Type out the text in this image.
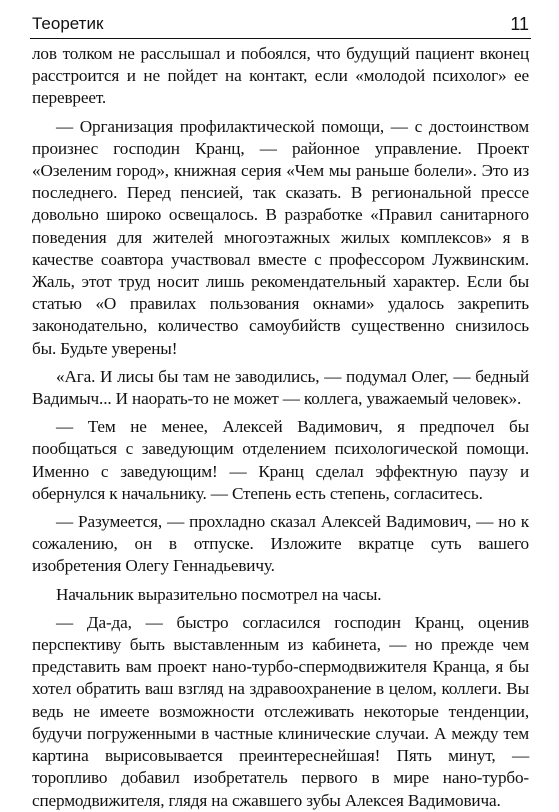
Теоретик	11

лов толком не расслышал и побоялся, что будущий пациент вконец расстроится и не пойдет на контакт, если «молодой психолог» ее перевреет.

— Организация профилактической помощи, — с достоинством произнес господин Кранц, — районное управление. Проект «Озеленим город», книжная серия «Чем мы раньше болели». Это из последнего. Перед пенсией, так сказать. В региональной прессе довольно широко освещалось. В разработке «Правил санитарного поведения для жителей многоэтажных жилых комплексов» я в качестве соавтора участвовал вместе с профессором Лужвинским. Жаль, этот труд носит лишь рекомендательный характер. Если бы статью «О правилах пользования окнами» удалось закрепить законодательно, количество самоубийств существенно снизилось бы. Будьте уверены!

«Ага. И лисы бы там не заводились, — подумал Олег, — бедный Вадимыч... И наорать-то не может — коллега, уважаемый человек».

— Тем не менее, Алексей Вадимович, я предпочел бы пообщаться с заведующим отделением психологической помощи. Именно с заведующим! — Кранц сделал эффектную паузу и обернулся к начальнику. — Степень есть степень, согласитесь.

— Разумеется, — прохладно сказал Алексей Вадимович, — но к сожалению, он в отпуске. Изложите вкратце суть вашего изобретения Олегу Геннадьевичу.

Начальник выразительно посмотрел на часы.

— Да-да, — быстро согласился господин Кранц, оценив перспективу быть выставленным из кабинета, — но прежде чем представить вам проект нано-турбо-спермодвижителя Кранца, я бы хотел обратить ваш взгляд на здравоохранение в целом, коллеги. Вы ведь не имеете возможности отслеживать некоторые тенденции, будучи погруженными в частные клинические случаи. А между тем картина вырисовывается преинтереснейшая! Пять минут, — торопливо добавил изобретатель первого в мире нано-турбо-спермодвижителя, глядя на сжавшего зубы Алексея Вадимовича.
